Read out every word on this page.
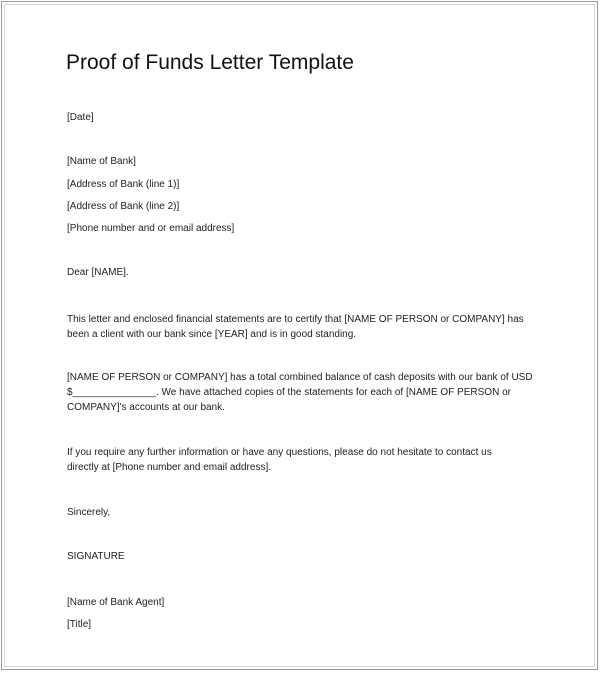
Proof of Funds Letter Template
[Date]
[Name of Bank]
[Address of Bank (line 1)]
[Address of Bank (line 2)]
[Phone number and or email address]
Dear [NAME].
This letter and enclosed financial statements are to certify that [NAME OF PERSON or COMPANY] has
been a client with our bank since [YEAR] and is in good standing.
[NAME OF PERSON or COMPANY] has a total combined balance of cash deposits with our bank of USD
$_______________. We have attached copies of the statements for each of [NAME OF PERSON or
COMPANY]'s accounts at our bank.
If you require any further information or have any questions, please do not hesitate to contact us
directly at [Phone number and email address].
Sincerely,
SIGNATURE
[Name of Bank Agent]
[Title]
